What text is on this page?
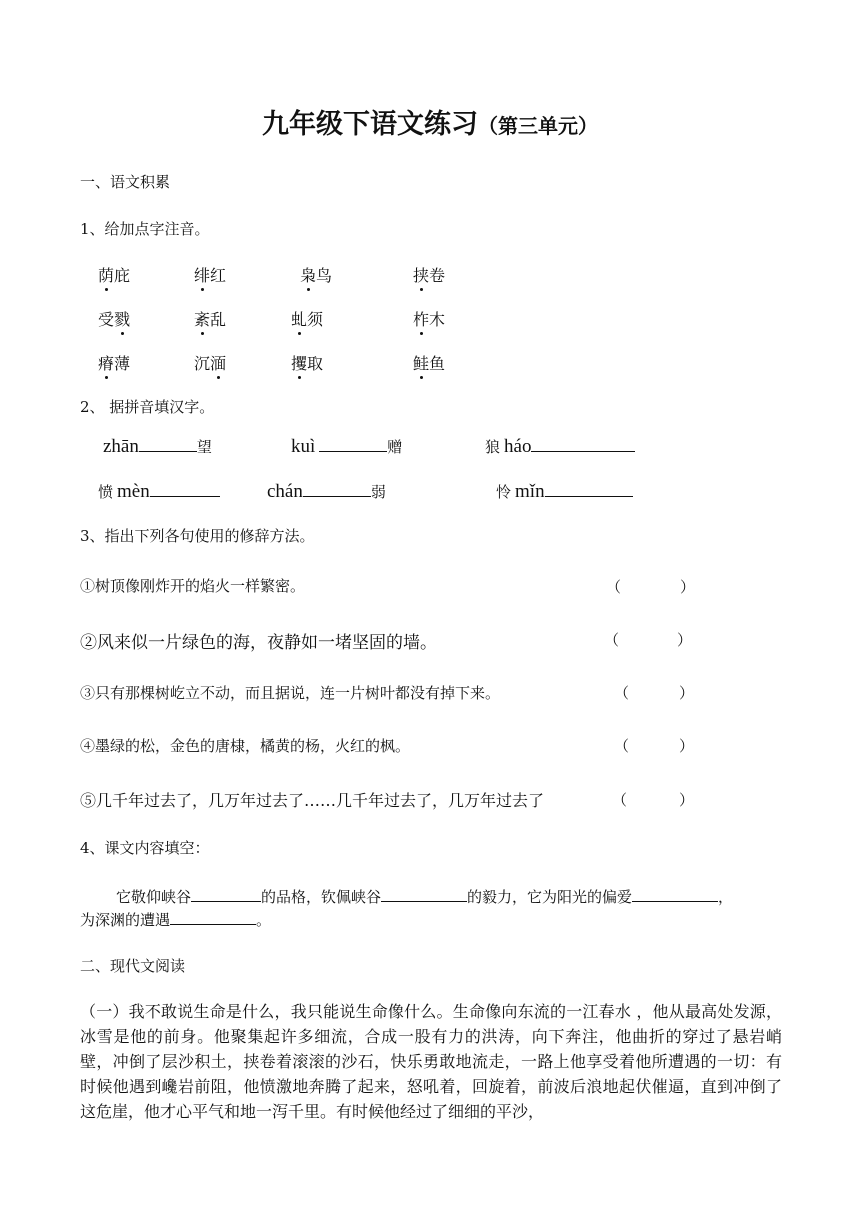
九年级下语文练习（第三单元）
一、语文积累
1、给加点字注音。
荫庇	绯红	枭鸟	挟卷
受戮	紊乱	虬须	柞木
瘠薄	沉湎	攫取	鲑鱼
2、 据拼音填汉字。
zhān	望	kuì	赠	狼 háo
愤 mèn	chán	弱	怜 mǐn
3、指出下列各句使用的修辞方法。
①树顶像刚炸开的焰火一样繁密。	（	）
②风来似一片绿色的海，夜静如一堵坚固的墙。	（	）
③只有那棵树屹立不动，而且据说，连一片树叶都没有掉下来。	（	）
④墨绿的松，金色的唐棣，橘黄的杨，火红的枫。	（	）
⑤几千年过去了，几万年过去了……几千年过去了，几万年过去了	（	）
4、课文内容填空：
它敬仰峡谷	的品格，钦佩峡谷	的毅力，它为阳光的偏爱	，
为深渊的遭遇	。
二、现代文阅读
（一）我不敢说生命是什么，我只能说生命像什么。生命像向东流的一江春水 ，他从最高处发源，冰雪是他的前身。他聚集起许多细流，合成一股有力的洪涛，向下奔注，他曲折的穿过了悬岩峭壁，冲倒了层沙积土，挟卷着滚滚的沙石，快乐勇敢地流走，一路上他享受着他所遭遇的一切：有时候他遇到巉岩前阻，他愤激地奔腾了起来，怒吼着，回旋着，前波后浪地起伏催逼，直到冲倒了这危崖，他才心平气和地一泻千里。有时候他经过了细细的平沙，
